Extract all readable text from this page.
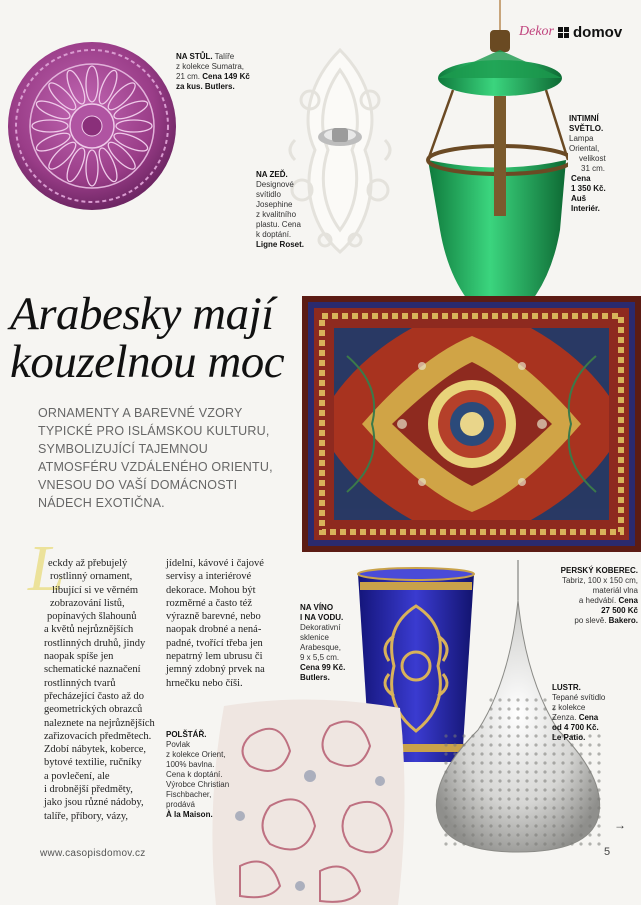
Dekor domov
NA STŮL. Talíře
z kolekce Sumatra,
21 cm. Cena 149 Kč
za kus. Butlers.
NA ZEĎ.
Designové
svítidlo
Josephine
z kvalitního
plastu. Cena
k doptání.
Ligne Roset.
INTIMNÍ
SVĚTLO.
Lampa
Oriental,
velikost
31 cm.
Cena
1 350 Kč.
Auš
Interiér.
Arabesky mají
kouzelnou moc
ORNAMENTY A BAREVNÉ VZORY
TYPICKÉ PRO ISLÁMSKOU KULTURU,
SYMBOLIZUJÍCÍ TAJEMNOU
ATMOSFÉRU VZDÁLENÉHO ORIENTU,
VNESOU DO VAŠÍ DOMÁCNOSTI
NÁDECH EXOTIČNA.
L
eckdy až přebujelý
rostlinný ornament,
libující si ve věrném
zobrazování listů,
popínavých šlahounů
a květů nejrůznějších
rostlinných druhů, jindy
naopak spíše jen
schematické naznačení
rostlinných tvarů
přecházející často až do
geometrických obrazců
naleznete na nejrůznějších
zařizovacích předmětech.
Zdobí nábytek, koberce,
bytové textilie, ručníky
a povlečení, ale
i drobnější předměty,
jako jsou různé nádoby,
talíře, příbory, vázy,
jídelní, kávové i čajové
servisy a interiérové
dekorace. Mohou být
rozměrné a často též
výrazně barevné, nebo
naopak drobné a nená-
padné, tvořící třeba jen
nepatrný lem ubrusu či
jemný zdobný prvek na
hrnečku nebo číši.
NA VÍNO
I NA VODU.
Dekorativní
sklenice
Arabesque,
9 x 5,5 cm.
Cena 99 Kč.
Butlers.
PERSKÝ KOBEREC.
Tabriz, 100 x 150 cm,
materiál vlna
a hedvábí. Cena
27 500 Kč
po slevě. Bakero.
LUSTR.
Tepané svítidlo
z kolekce
Zenza. Cena
od 4 700 Kč.
Le Patio.
POLŠTÁŘ.
Povlak
z kolekce Orient,
100% bavlna.
Cena k doptání.
Výrobce Christian
Fischbacher,
prodává
À la Maison.
www.casopisdomov.cz
→
5
